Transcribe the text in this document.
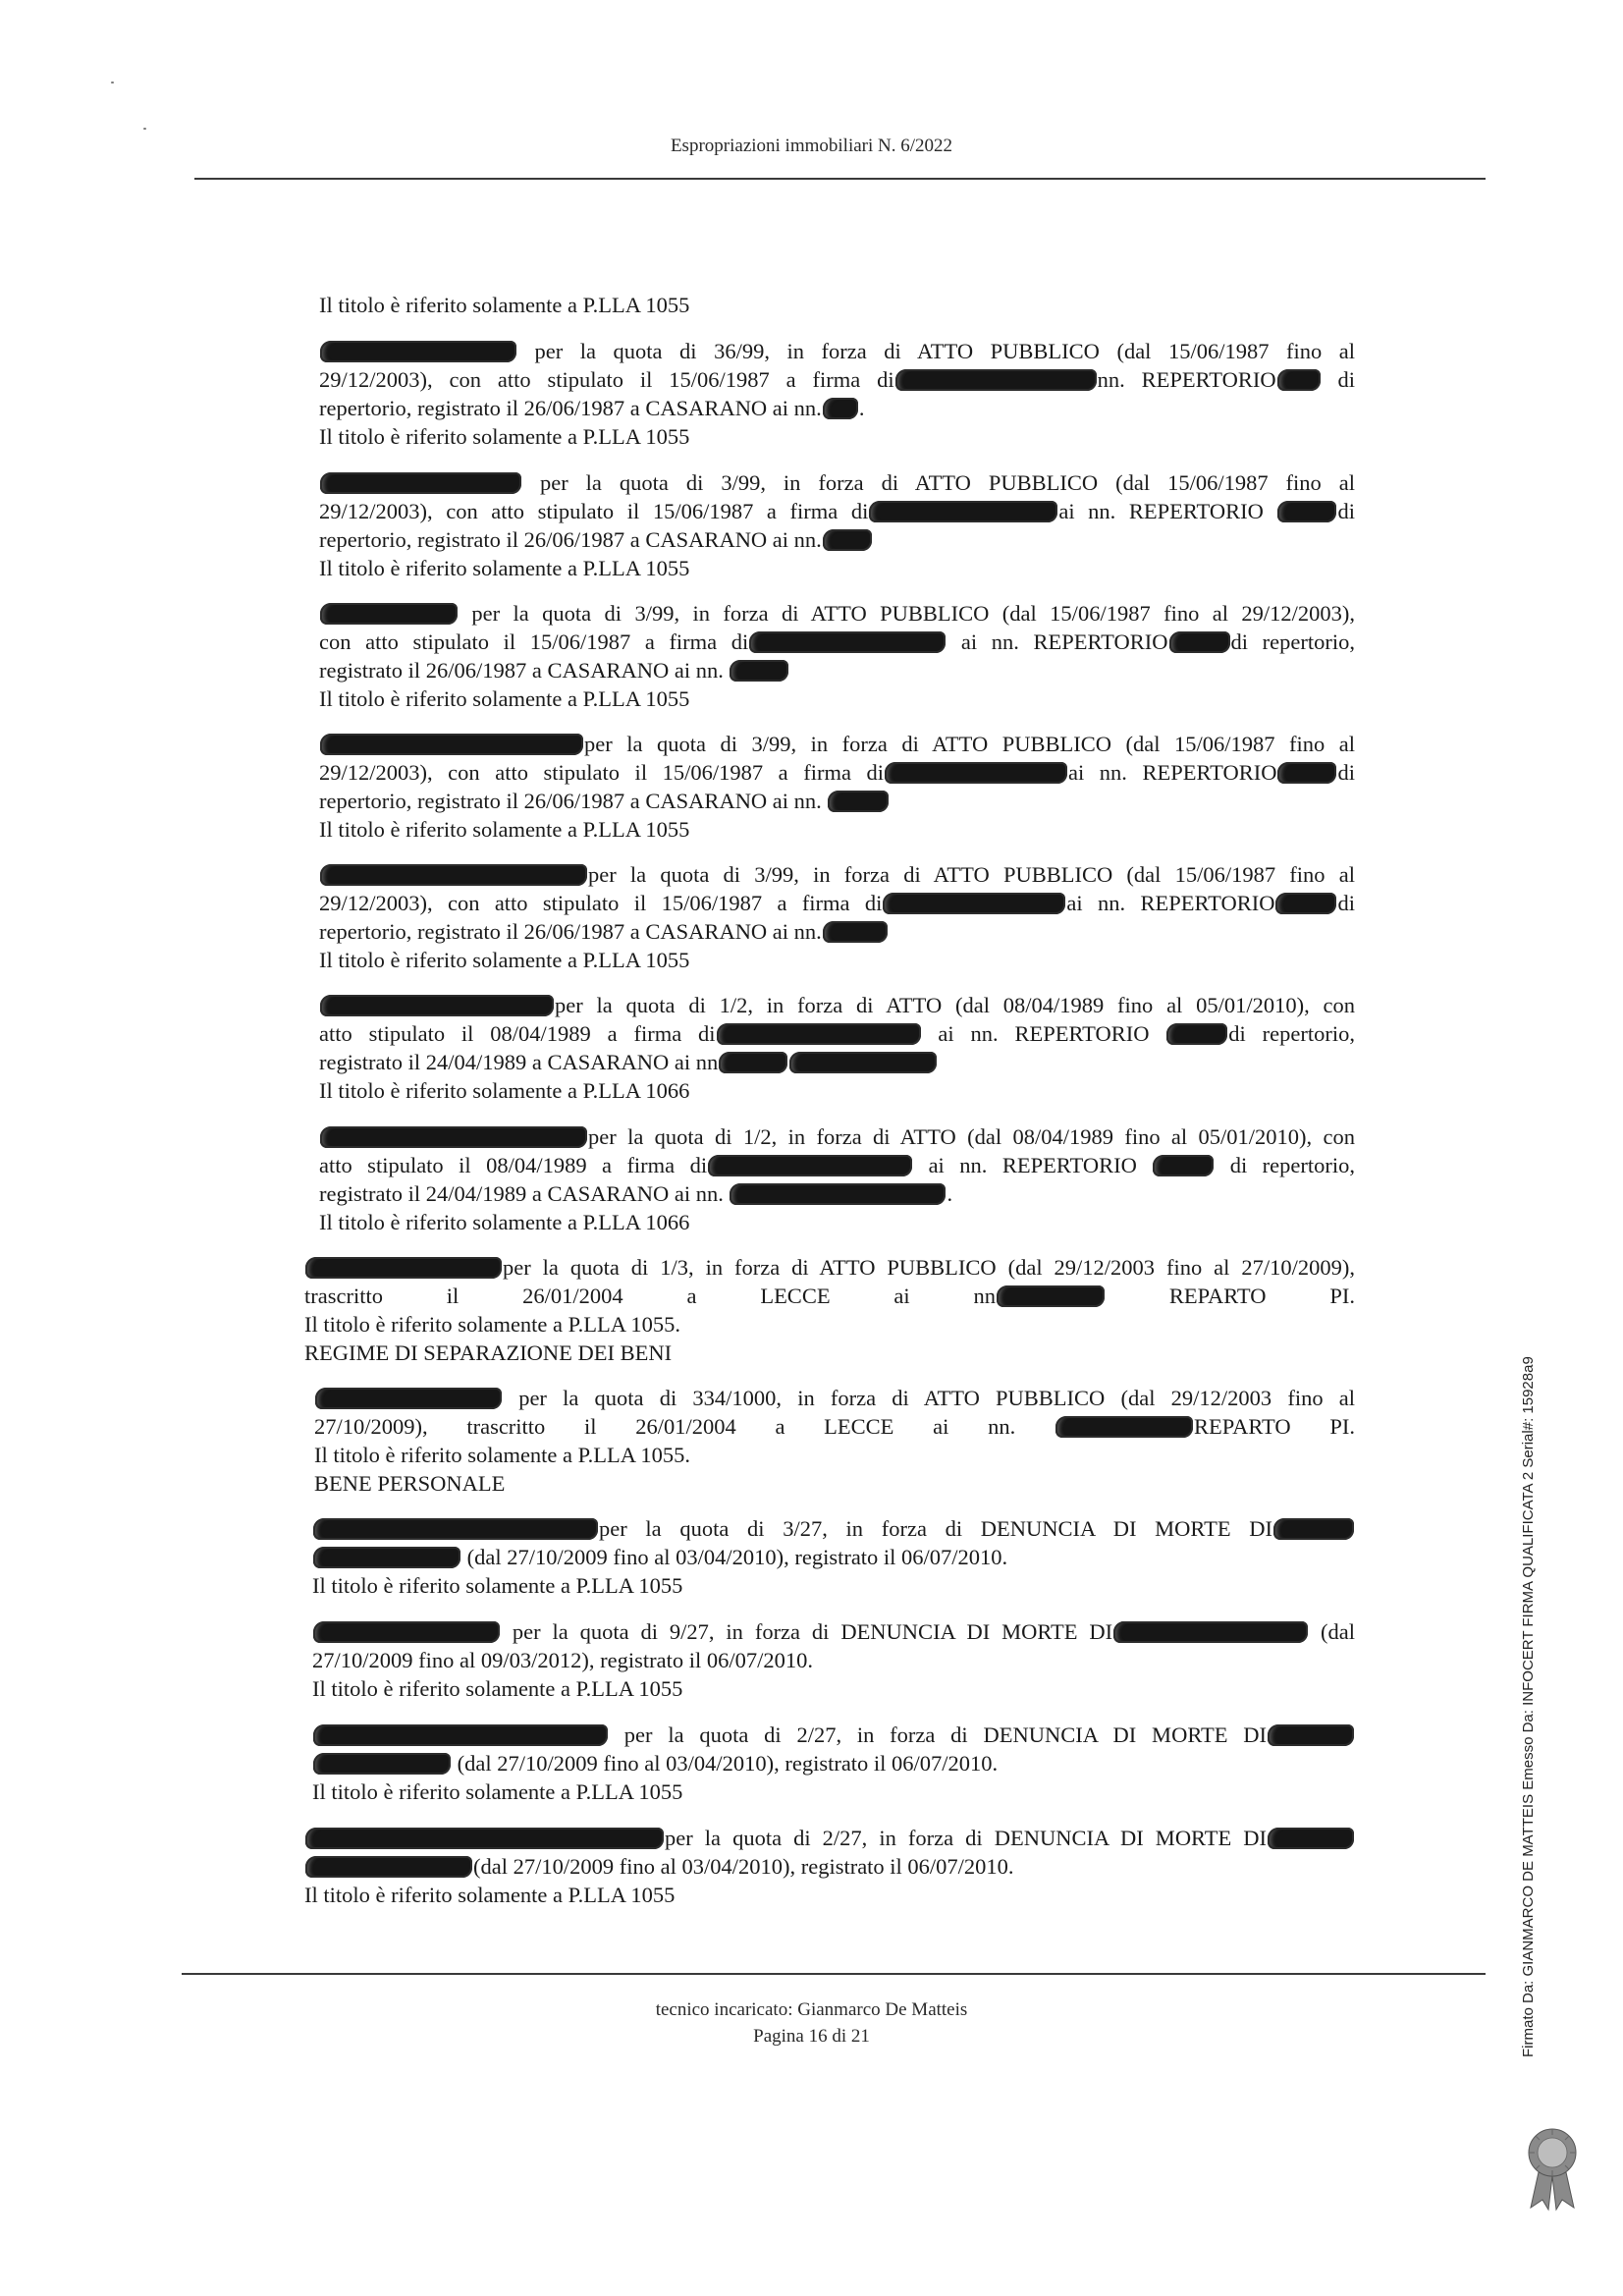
Espropriazioni immobiliari N. 6/2022
Il titolo è riferito solamente a P.LLA 1055
per la quota di 36/99, in forza di ATTO PUBBLICO (dal 15/06/1987 fino al
29/12/2003), con atto stipulato il 15/06/1987 a firma di	nn. REPERTORIO di
repertorio, registrato il 26/06/1987 a CASARANO ai nn. .
Il titolo è riferito solamente a P.LLA 1055
per la quota di 3/99, in forza di ATTO PUBBLICO (dal 15/06/1987 fino al
29/12/2003), con atto stipulato il 15/06/1987 a firma di	ai nn. REPERTORIO	di
repertorio, registrato il 26/06/1987 a CASARANO ai nn.
Il titolo è riferito solamente a P.LLA 1055
per la quota di 3/99, in forza di ATTO PUBBLICO (dal 15/06/1987 fino al 29/12/2003),
con atto stipulato il 15/06/1987 a firma di	ai nn. REPERTORIO	di repertorio,
registrato il 26/06/1987 a CASARANO ai nn.
Il titolo è riferito solamente a P.LLA 1055
per la quota di 3/99, in forza di ATTO PUBBLICO (dal 15/06/1987 fino al
29/12/2003), con atto stipulato il 15/06/1987 a firma di	ai nn. REPERTORIO	di
repertorio, registrato il 26/06/1987 a CASARANO ai nn.
Il titolo è riferito solamente a P.LLA 1055
per la quota di 3/99, in forza di ATTO PUBBLICO (dal 15/06/1987 fino al
29/12/2003), con atto stipulato il 15/06/1987 a firma di	ai nn. REPERTORIO	di
repertorio, registrato il 26/06/1987 a CASARANO ai nn.
Il titolo è riferito solamente a P.LLA 1055
per la quota di 1/2, in forza di ATTO (dal 08/04/1989 fino al 05/01/2010), con
atto stipulato il 08/04/1989 a firma di	ai nn. REPERTORIO	di repertorio,
registrato il 24/04/1989 a CASARANO ai nn
Il titolo è riferito solamente a P.LLA 1066
per la quota di 1/2, in forza di ATTO (dal 08/04/1989 fino al 05/01/2010), con
atto stipulato il 08/04/1989 a firma di	ai nn. REPERTORIO	di repertorio,
registrato il 24/04/1989 a CASARANO ai nn.	.
Il titolo è riferito solamente a P.LLA 1066
per la quota di 1/3, in forza di ATTO PUBBLICO (dal 29/12/2003 fino al 27/10/2009),
trascritto il 26/01/2004 a LECCE ai nn	REPARTO PI.
Il titolo è riferito solamente a P.LLA 1055.
REGIME DI SEPARAZIONE DEI BENI
per la quota di 334/1000, in forza di ATTO PUBBLICO (dal 29/12/2003 fino al
27/10/2009), trascritto il 26/01/2004 a LECCE ai nn.	REPARTO PI.
Il titolo è riferito solamente a P.LLA 1055.
BENE PERSONALE
per la quota di 3/27, in forza di DENUNCIA DI MORTE DI
(dal 27/10/2009 fino al 03/04/2010), registrato il 06/07/2010.
Il titolo è riferito solamente a P.LLA 1055
per la quota di 9/27, in forza di DENUNCIA DI MORTE DI	(dal
27/10/2009 fino al 09/03/2012), registrato il 06/07/2010.
Il titolo è riferito solamente a P.LLA 1055
per la quota di 2/27, in forza di DENUNCIA DI MORTE DI
(dal 27/10/2009 fino al 03/04/2010), registrato il 06/07/2010.
Il titolo è riferito solamente a P.LLA 1055
per la quota di 2/27, in forza di DENUNCIA DI MORTE DI
(dal 27/10/2009 fino al 03/04/2010), registrato il 06/07/2010.
Il titolo è riferito solamente a P.LLA 1055
tecnico incaricato: Gianmarco De Matteis
Pagina 16 di 21	Firmato Da: GIANMARCO DE MATTEIS Emesso Da: INFOCERT FIRMA QUALIFICATA 2 Serial#: 15928a9
